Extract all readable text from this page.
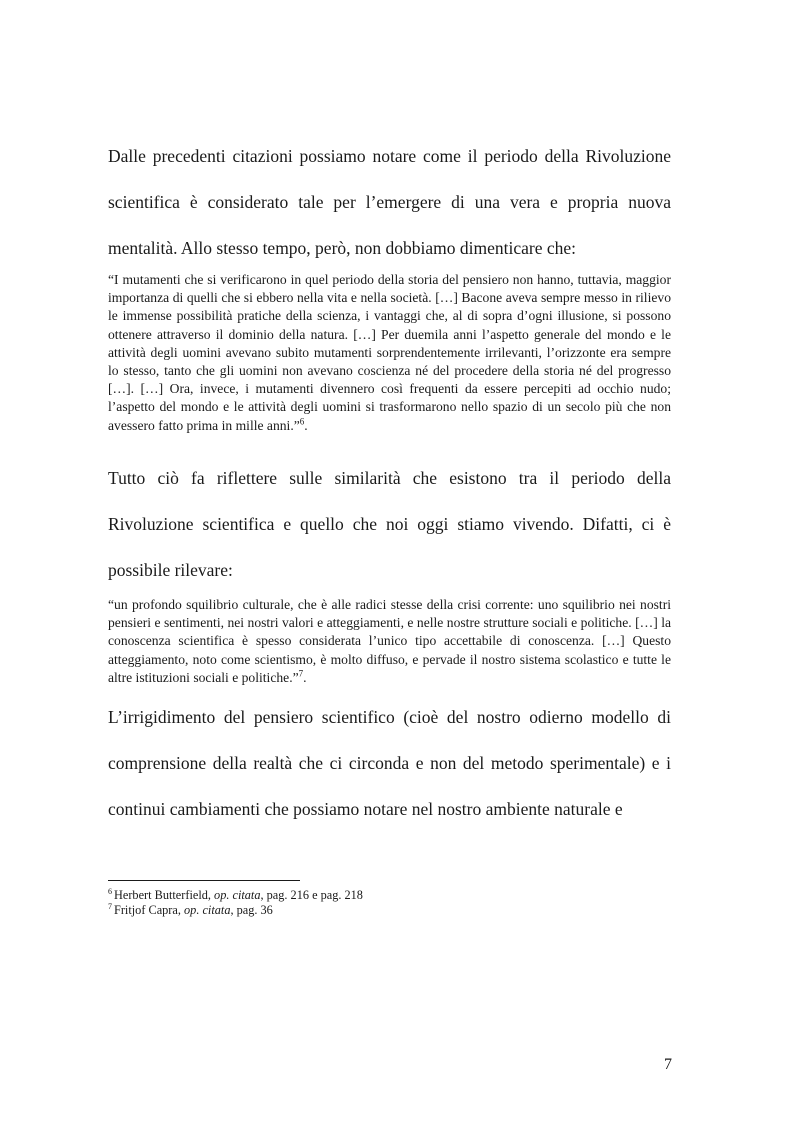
Dalle precedenti citazioni possiamo notare come il periodo della Rivoluzione scientifica è considerato tale per l’emergere di una vera e propria nuova mentalità. Allo stesso tempo, però, non dobbiamo dimenticare che:

“I mutamenti che si verificarono in quel periodo della storia del pensiero non hanno, tuttavia, maggior importanza di quelli che si ebbero nella vita e nella società. […] Bacone aveva sempre messo in rilievo le immense possibilità pratiche della scienza, i vantaggi che, al di sopra d’ogni illusione, si possono ottenere attraverso il dominio della natura. […] Per duemila anni l’aspetto generale del mondo e le attività degli uomini avevano subito mutamenti sorprendentemente irrilevanti, l’orizzonte era sempre lo stesso, tanto che gli uomini non avevano coscienza né del procedere della storia né del progresso […]. […] Ora, invece, i mutamenti divennero così frequenti da essere percepiti ad occhio nudo; l’aspetto del mondo e le attività degli uomini si trasformarono nello spazio di un secolo più che non avessero fatto prima in mille anni.”$^6$.

Tutto ciò fa riflettere sulle similarità che esistono tra il periodo della Rivoluzione scientifica e quello che noi oggi stiamo vivendo. Difatti, ci è possibile rilevare:

“un profondo squilibrio culturale, che è alle radici stesse della crisi corrente: uno squilibrio nei nostri pensieri e sentimenti, nei nostri valori e atteggiamenti, e nelle nostre strutture sociali e politiche. […] la conoscenza scientifica è spesso considerata l’unico tipo accettabile di conoscenza. […] Questo atteggiamento, noto come scientismo, è molto diffuso, e pervade il nostro sistema scolastico e tutte le altre istituzioni sociali e politiche.”$^7$.

L’irrigidimento del pensiero scientifico (cioè del nostro odierno modello di comprensione della realtà che ci circonda e non del metodo sperimentale) e i continui cambiamenti che possiamo notare nel nostro ambiente naturale e

$^6$ Herbert Butterfield, op. citata, pag. 216 e pag. 218

$^7$ Fritjof Capra, op. citata, pag. 36

7
